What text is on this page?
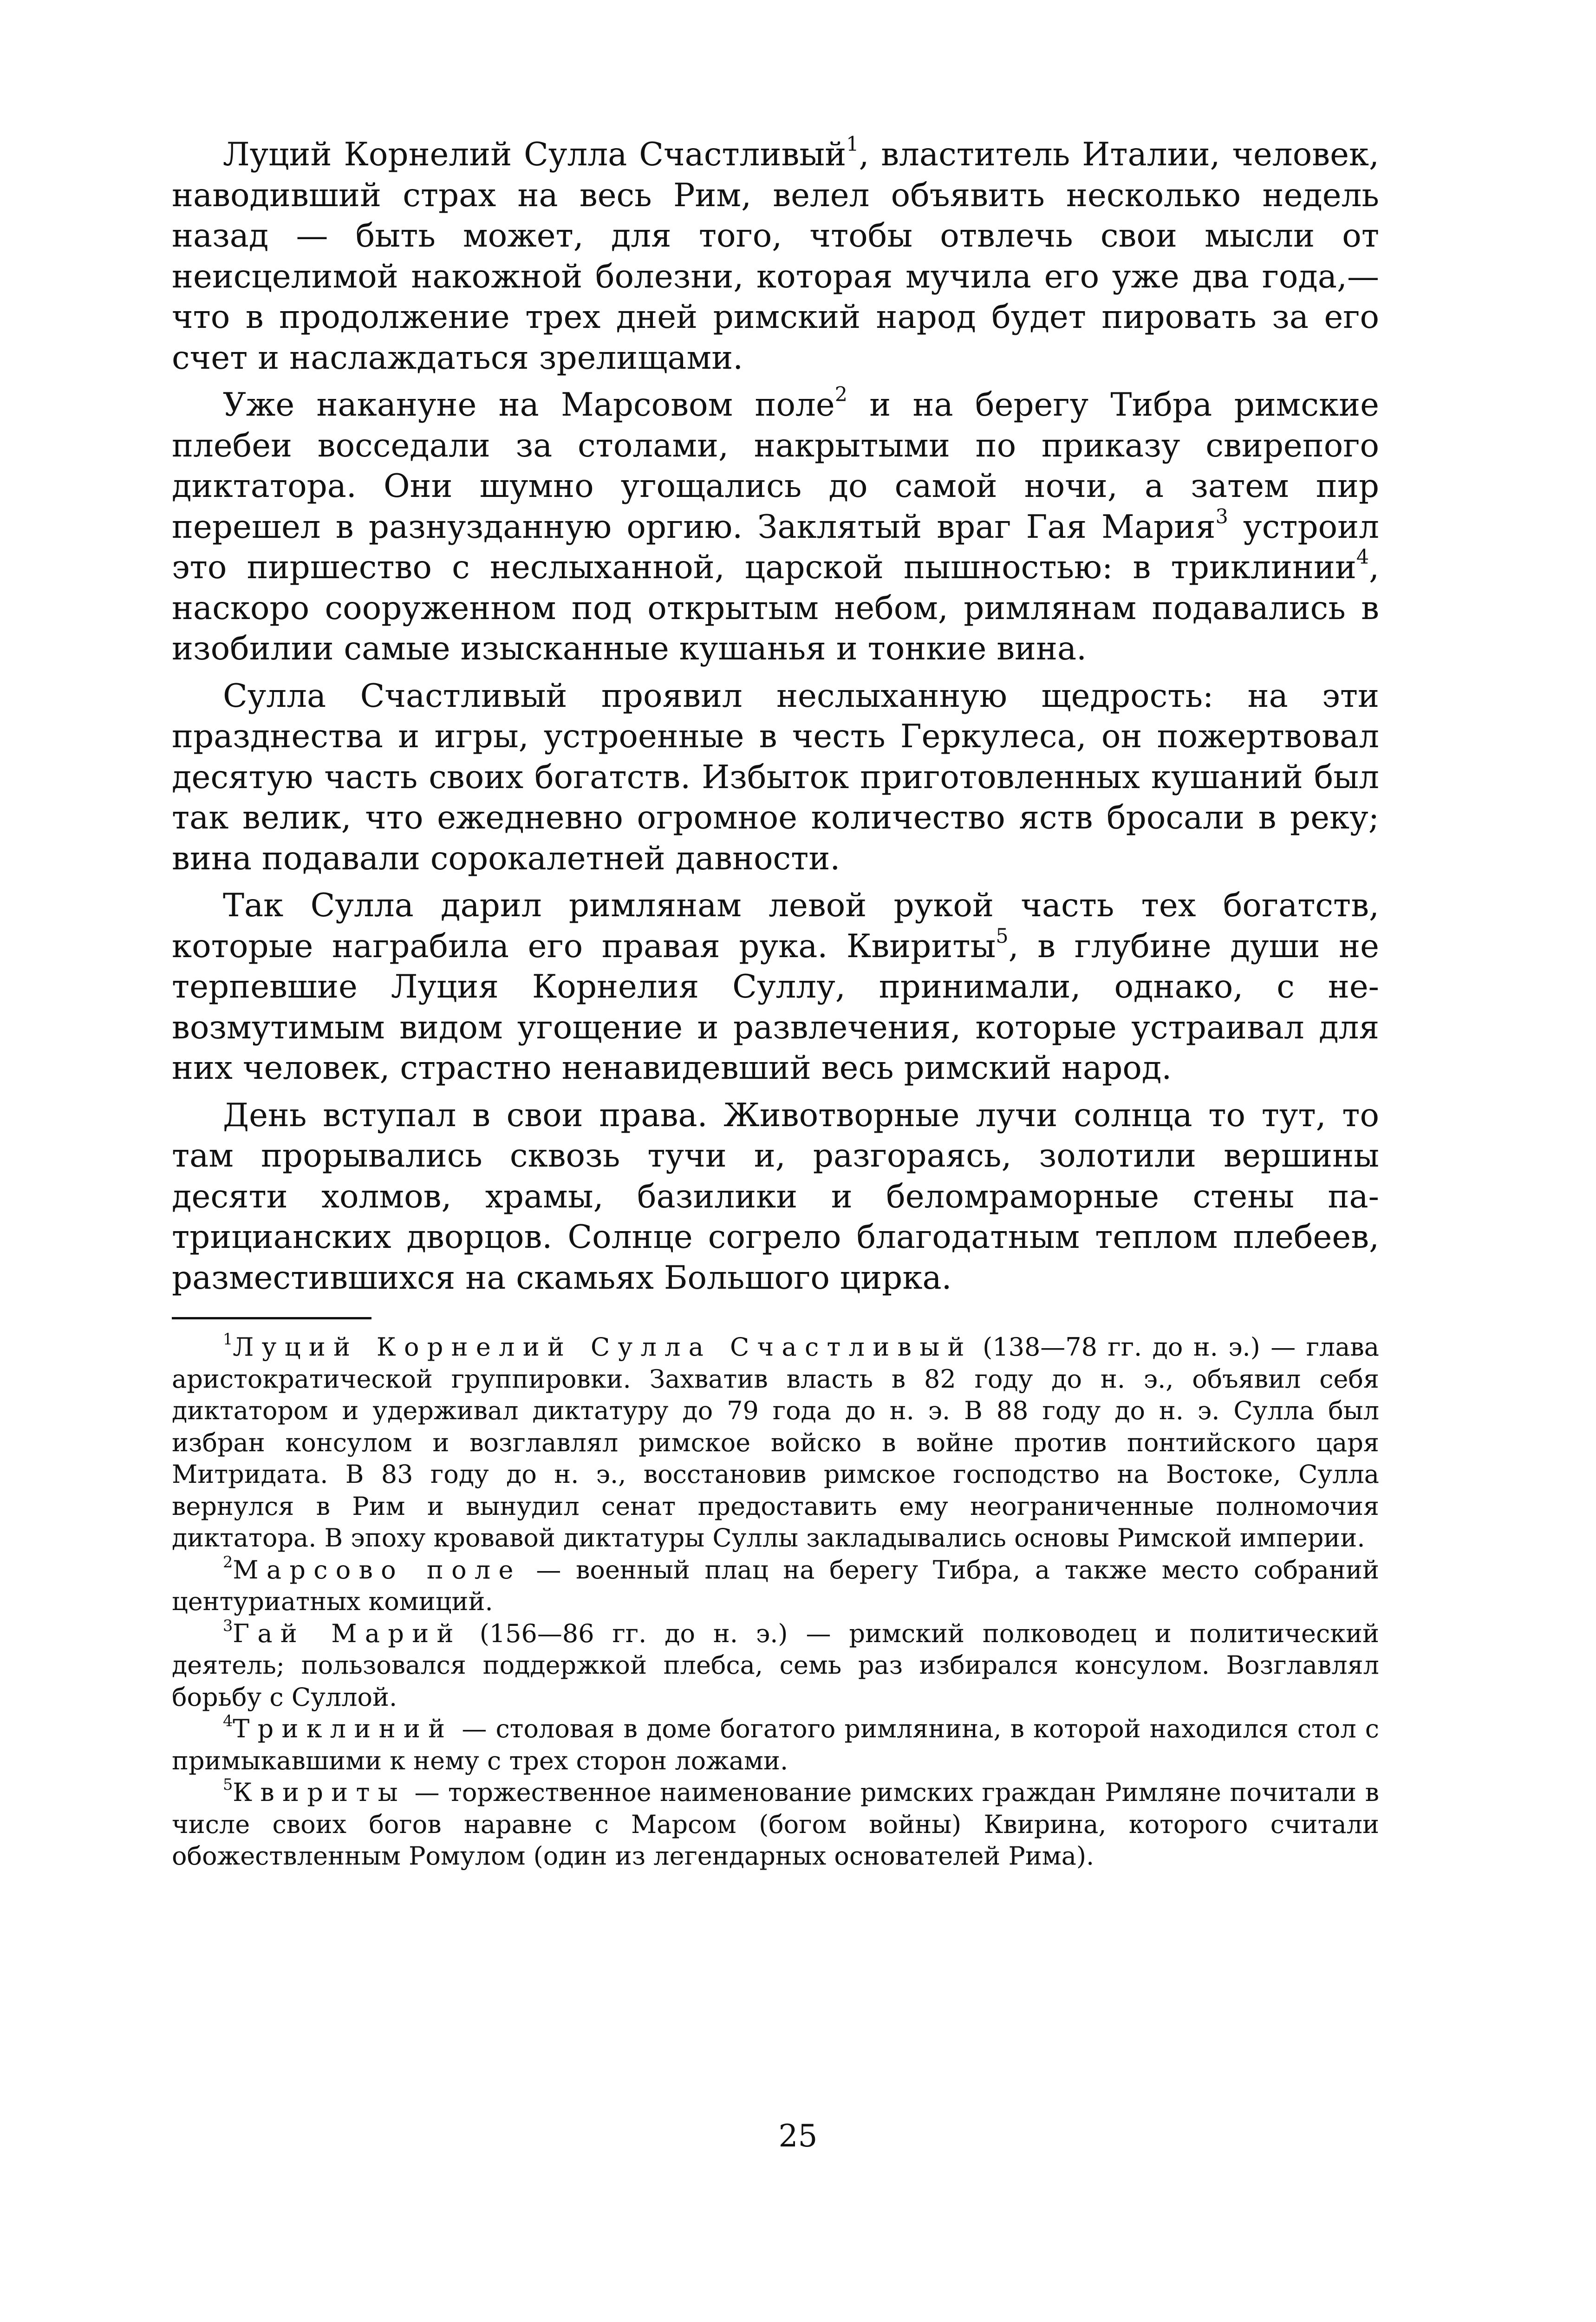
Луций Корнелий Сулла Счастливый$^1$, властитель Италии, человек, наводивший страх на весь Рим, велел объявить несколько недель назад — быть может, для того, чтобы отвлечь свои мысли от неисцелимой накожной болезни, которая мучила его уже два года,— что в продолжение трех дней римский народ будет пировать за его счет и наслаждаться зрелищами.

Уже накануне на Марсовом поле$^2$ и на берегу Тибра римские плебеи восседали за столами, накрытыми по приказу свирепого диктатора. Они шумно угощались до самой ночи, а затем пир перешел в разнузданную оргию. Заклятый враг Гая Мария$^3$ устроил это пиршество с неслыханной, царской пышностью: в триклинии$^4$, наскоро сооруженном под открытым небом, римлянам подавались в изобилии самые изысканные кушанья и тонкие вина.

Сулла Счастливый проявил неслыханную щедрость: на эти празднества и игры, устроенные в честь Геркулеса, он пожертвовал десятую часть своих богатств. Избыток приготовленных кушаний был так велик, что ежедневно огромное количество яств бросали в реку; вина подавали сорокалетней давности.

Так Сулла дарил римлянам левой рукой часть тех богатств, которые награбила его правая рука. Квириты$^5$, в глубине души не терпевшие Луция Корнелия Суллу, принимали, однако, с невозмутимым видом угощение и развлечения, которые устраивал для них человек, страстно ненавидевший весь римский народ.

День вступал в свои права. Животворные лучи солнца то тут, то там прорывались сквозь тучи и, разгораясь, золотили вершины десяти холмов, храмы, базилики и беломраморные стены патрицианских дворцов. Солнце согрело благодатным теплом плебеев, разместившихся на скамьях Большого цирка.

$^1$Луций Корнелий Сулла Счастливый (138—78 гг. до н. э.) — глава аристократической группировки. Захватив власть в 82 году до н. э., объявил себя диктатором и удерживал диктатуру до 79 года до н. э. В 88 году до н. э. Сулла был избран консулом и возглавлял римское войско в войне против понтийского царя Митридата. В 83 году до н. э., восстановив римское господство на Востоке, Сулла вернулся в Рим и вынудил сенат предоставить ему неограниченные полномочия диктатора. В эпоху кровавой диктатуры Суллы закладывались основы Римской империи.

$^2$Марсово поле — военный плац на берегу Тибра, а также место собраний центуриатных комиций.

$^3$Гай Марий (156—86 гг. до н. э.) — римский полководец и политический деятель; пользовался поддержкой плебса, семь раз избирался консулом. Возглавлял борьбу с Суллой.

$^4$Триклиний — столовая в доме богатого римлянина, в которой находился стол с примыкавшими к нему с трех сторон ложами.

$^5$Квириты — торжественное наименование римских граждан Римляне почитали в числе своих богов наравне с Марсом (богом войны) Квирина, которого считали обожествленным Ромулом (один из легендарных основателей Рима).

25
